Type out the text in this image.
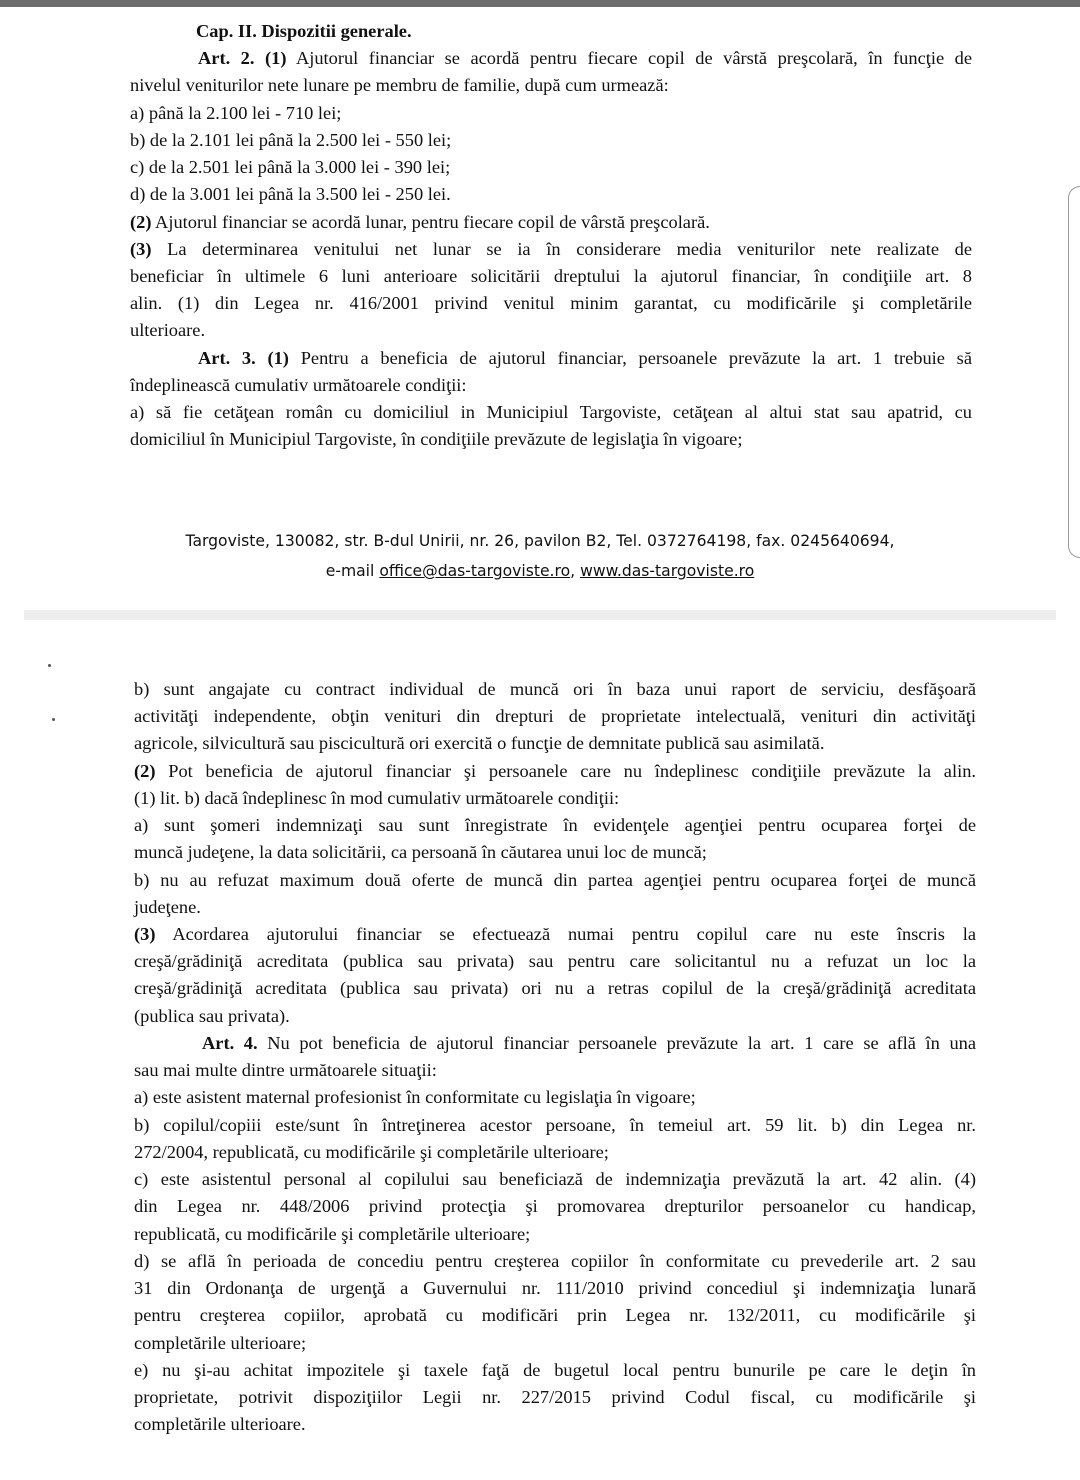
Cap. II. Dispozitii generale.

Art. 2. (1) Ajutorul financiar se acordă pentru fiecare copil de vârstă preşcolară, în funcţie de

nivelul veniturilor nete lunare pe membru de familie, după cum urmează:

a) până la 2.100 lei - 710 lei;

b) de la 2.101 lei până la 2.500 lei - 550 lei;

c) de la 2.501 lei până la 3.000 lei - 390 lei;

d) de la 3.001 lei până la 3.500 lei - 250 lei.

(2) Ajutorul financiar se acordă lunar, pentru fiecare copil de vârstă preşcolară.

(3) La determinarea venitului net lunar se ia în considerare media veniturilor nete realizate de

beneficiar în ultimele 6 luni anterioare solicitării dreptului la ajutorul financiar, în condiţiile art. 8

alin. (1) din Legea nr. 416/2001 privind venitul minim garantat, cu modificările şi completările

ulterioare.

Art. 3. (1) Pentru a beneficia de ajutorul financiar, persoanele prevăzute la art. 1 trebuie să

îndeplinească cumulativ următoarele condiţii:

a) să fie cetăţean român cu domiciliul in Municipiul Targoviste, cetăţean al altui stat sau apatrid, cu

domiciliul în Municipiul Targoviste, în condiţiile prevăzute de legislaţia în vigoare;

Targoviste, 130082, str. B-dul Unirii, nr. 26, pavilon B2, Tel. 0372764198, fax. 0245640694,
e-mail office@das-targoviste.ro, www.das-targoviste.ro

b) sunt angajate cu contract individual de muncă ori în baza unui raport de serviciu, desfăşoară

activităţi independente, obţin venituri din drepturi de proprietate intelectuală, venituri din activităţi

agricole, silvicultură sau piscicultură ori exercită o funcţie de demnitate publică sau asimilată.

(2) Pot beneficia de ajutorul financiar şi persoanele care nu îndeplinesc condiţiile prevăzute la alin.

(1) lit. b) dacă îndeplinesc în mod cumulativ următoarele condiţii:

a) sunt şomeri indemnizaţi sau sunt înregistrate în evidenţele agenţiei pentru ocuparea forţei de

muncă judeţene, la data solicitării, ca persoană în căutarea unui loc de muncă;

b) nu au refuzat maximum două oferte de muncă din partea agenţiei pentru ocuparea forţei de muncă

judeţene.

(3) Acordarea ajutorului financiar se efectuează numai pentru copilul care nu este înscris la

creşă/grădiniţă acreditata (publica sau privata) sau pentru care solicitantul nu a refuzat un loc la

creşă/grădiniţă acreditata (publica sau privata) ori nu a retras copilul de la creşă/grădiniţă acreditata

(publica sau privata).

Art. 4. Nu pot beneficia de ajutorul financiar persoanele prevăzute la art. 1 care se află în una

sau mai multe dintre următoarele situaţii:

a) este asistent maternal profesionist în conformitate cu legislaţia în vigoare;

b) copilul/copiii este/sunt în întreţinerea acestor persoane, în temeiul art. 59 lit. b) din Legea nr.

272/2004, republicată, cu modificările şi completările ulterioare;

c) este asistentul personal al copilului sau beneficiază de indemnizaţia prevăzută la art. 42 alin. (4)

din Legea nr. 448/2006 privind protecţia şi promovarea drepturilor persoanelor cu handicap,

republicată, cu modificările şi completările ulterioare;

d) se află în perioada de concediu pentru creşterea copiilor în conformitate cu prevederile art. 2 sau

31 din Ordonanţa de urgenţă a Guvernului nr. 111/2010 privind concediul şi indemnizaţia lunară

pentru creşterea copiilor, aprobată cu modificări prin Legea nr. 132/2011, cu modificările şi

completările ulterioare;

e) nu şi-au achitat impozitele şi taxele faţă de bugetul local pentru bunurile pe care le deţin în

proprietate, potrivit dispoziţiilor Legii nr. 227/2015 privind Codul fiscal, cu modificările şi

completările ulterioare.
